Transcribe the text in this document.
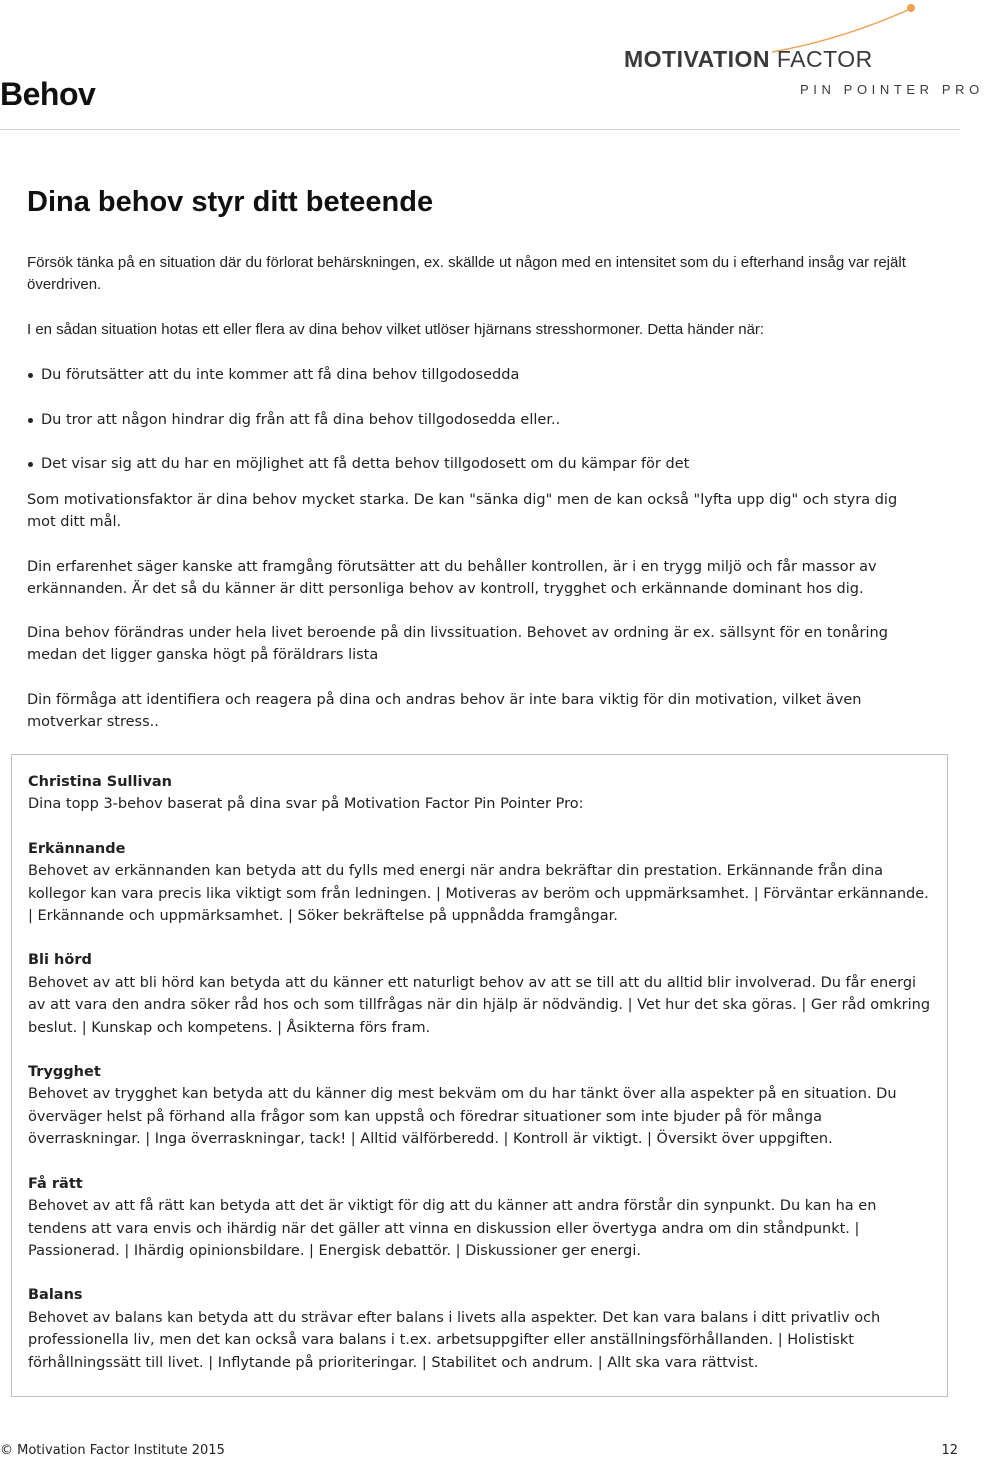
Behov
MOTIVATION FACTOR
PIN POINTER PRO
Dina behov styr ditt beteende

Försök tänka på en situation där du förlorat behärskningen, ex. skällde ut någon med en intensitet som du i efterhand insåg var rejält överdriven.

I en sådan situation hotas ett eller flera av dina behov vilket utlöser hjärnans stresshormoner. Detta händer när:

Du förutsätter att du inte kommer att få dina behov tillgodosedda
Du tror att någon hindrar dig från att få dina behov tillgodosedda eller..
Det visar sig att du har en möjlighet att få detta behov tillgodosett om du kämpar för det

Som motivationsfaktor är dina behov mycket starka. De kan "sänka dig" men de kan också "lyfta upp dig" och styra dig mot ditt mål.

Din erfarenhet säger kanske att framgång förutsätter att du behåller kontrollen, är i en trygg miljö och får massor av erkännanden. Är det så du känner är ditt personliga behov av kontroll, trygghet och erkännande dominant hos dig.

Dina behov förändras under hela livet beroende på din livssituation. Behovet av ordning är ex. sällsynt för en tonåring medan det ligger ganska högt på föräldrars lista

Din förmåga att identifiera och reagera på dina och andras behov är inte bara viktig för din motivation, vilket även motverkar stress..

Christina Sullivan

Dina topp 3-behov baserat på dina svar på Motivation Factor Pin Pointer Pro:

Erkännande

Behovet av erkännanden kan betyda att du fylls med energi när andra bekräftar din prestation. Erkännande från dina kollegor kan vara precis lika viktigt som från ledningen. | Motiveras av beröm och uppmärksamhet. | Förväntar erkännande. | Erkännande och uppmärksamhet. | Söker bekräftelse på uppnådda framgångar.

Bli hörd

Behovet av att bli hörd kan betyda att du känner ett naturligt behov av att se till att du alltid blir involverad. Du får energi av att vara den andra söker råd hos och som tillfrågas när din hjälp är nödvändig. | Vet hur det ska göras. | Ger råd omkring beslut. | Kunskap och kompetens. | Åsikterna förs fram.

Trygghet

Behovet av trygghet kan betyda att du känner dig mest bekväm om du har tänkt över alla aspekter på en situation. Du överväger helst på förhand alla frågor som kan uppstå och föredrar situationer som inte bjuder på för många överraskningar. | Inga överraskningar, tack! | Alltid välförberedd. | Kontroll är viktigt. | Översikt över uppgiften.

Få rätt

Behovet av att få rätt kan betyda att det är viktigt för dig att du känner att andra förstår din synpunkt. Du kan ha en tendens att vara envis och ihärdig när det gäller att vinna en diskussion eller övertyga andra om din ståndpunkt. | Passionerad. | Ihärdig opinionsbildare. | Energisk debattör. | Diskussioner ger energi.

Balans

Behovet av balans kan betyda att du strävar efter balans i livets alla aspekter. Det kan vara balans i ditt privatliv och professionella liv, men det kan också vara balans i t.ex. arbetsuppgifter eller anställningsförhållanden. | Holistiskt förhållningssätt till livet. | Inflytande på prioriteringar. | Stabilitet och andrum. | Allt ska vara rättvist.

© Motivation Factor Institute 2015	12
